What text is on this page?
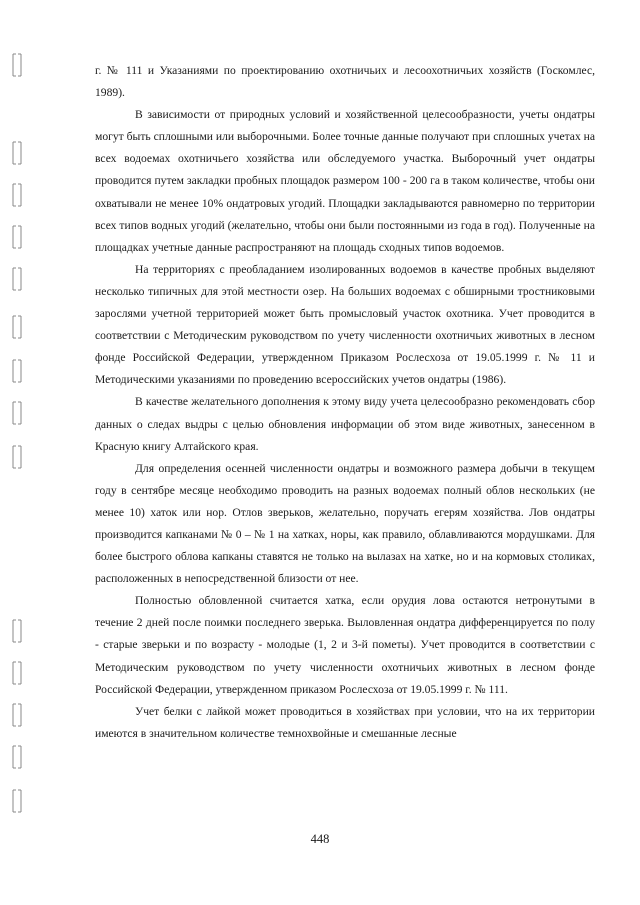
г. № 111 и Указаниями по проектированию охотничьих и лесоохотничьих хозяйств (Госкомлес, 1989).

В зависимости от природных условий и хозяйственной целесообразности, учеты ондатры могут быть сплошными или выборочными. Более точные данные получают при сплошных учетах на всех водоемах охотничьего хозяйства или обследуемого участка. Выборочный учет ондатры проводится путем закладки пробных площадок размером 100 - 200 га в таком количестве, чтобы они охватывали не менее 10% ондатровых угодий. Площадки закладываются равномерно по территории всех типов водных угодий (желательно, чтобы они были постоянными из года в год). Полученные на площадках учетные данные распространяют на площадь сходных типов водоемов.

На территориях с преобладанием изолированных водоемов в качестве пробных выделяют несколько типичных для этой местности озер. На больших водоемах с обширными тростниковыми зарослями учетной территорией может быть промысловый участок охотника. Учет проводится в соответствии с Методическим руководством по учету численности охотничьих животных в лесном фонде Российской Федерации, утвержденном Приказом Рослесхоза от 19.05.1999 г. № 11 и Методическими указаниями по проведению всероссийских учетов ондатры (1986).

В качестве желательного дополнения к этому виду учета целесообразно рекомендовать сбор данных о следах выдры с целью обновления информации об этом виде животных, занесенном в Красную книгу Алтайского края.

Для определения осенней численности ондатры и возможного размера добычи в текущем году в сентябре месяце необходимо проводить на разных водоемах полный облов нескольких (не менее 10) хаток или нор. Отлов зверьков, желательно, поручать егерям хозяйства. Лов ондатры производится капканами № 0 – № 1 на хатках, норы, как правило, облавливаются мордушками. Для более быстрого облова капканы ставятся не только на вылазах на хатке, но и на кормовых столиках, расположенных в непосредственной близости от нее.

Полностью обловленной считается хатка, если орудия лова остаются нетронутыми в течение 2 дней после поимки последнего зверька. Выловленная ондатра дифференцируется по полу - старые зверьки и по возрасту - молодые (1, 2 и 3-й пометы). Учет проводится в соответствии с Методическим руководством по учету численности охотничьих животных в лесном фонде Российской Федерации, утвержденном приказом Рослесхоза от 19.05.1999 г. № 111.

Учет белки с лайкой может проводиться в хозяйствах при условии, что на их территории имеются в значительном количестве темнохвойные и смешанные лесные

448
